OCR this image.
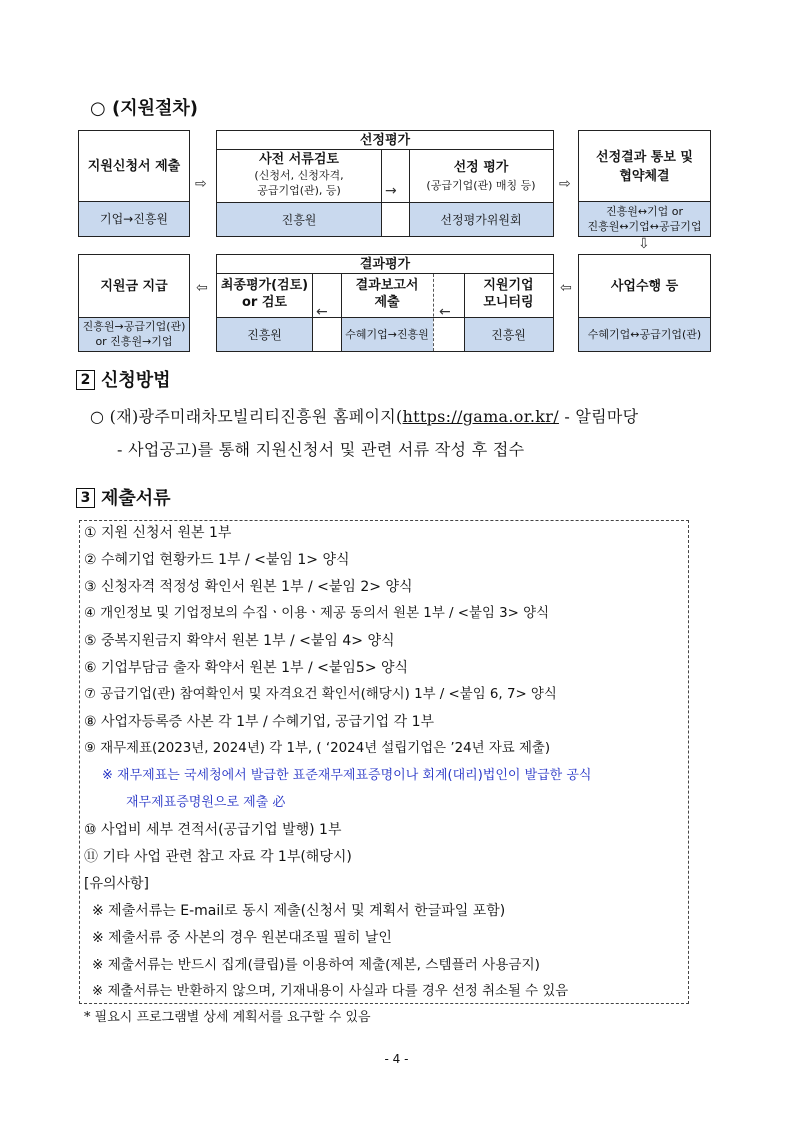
○ (지원절차)
지원신청서 제출
기업→진흥원
⇨
선정평가
사전 서류검토
(신청서, 신청자격,
공급기업(관), 등)	→
선정 평가
(공급기업(관) 매칭 등)
진흥원	선정평가위원회
⇨
선정결과 통보 및
협약체결
진흥원↔기업 or
진흥원↔기업↔공급기업
⇩
지원금 지급
진흥원→공급기업(관)
or 진흥원→기업
⇦
결과평가
최종평가(검토)
or 검토
←
결과보고서
제출
←
지원기업
모니터링
진흥원	수혜기업→진흥원	진흥원
⇦	사업수행 등
수혜기업↔공급기업(관)
2 신청방법
○ (재)광주미래차모빌리티진흥원 홈페이지(https://gama.or.kr/ - 알림마당
- 사업공고)를 통해 지원신청서 및 관련 서류 작성 후 접수
3 제출서류
① 지원 신청서 원본 1부
② 수혜기업 현황카드 1부 / <붙임 1> 양식
③ 신청자격 적정성 확인서 원본 1부 / <붙임 2> 양식
④ 개인정보 및 기업정보의 수집ㆍ이용ㆍ제공 동의서 원본 1부 / <붙임 3> 양식
⑤ 중복지원금지 확약서 원본 1부 / <붙임 4> 양식
⑥ 기업부담금 출자 확약서 원본 1부 / <붙임5> 양식
⑦ 공급기업(관) 참여확인서 및 자격요건 확인서(해당시) 1부 / <붙임 6, 7> 양식
⑧ 사업자등록증 사본 각 1부 / 수혜기업, 공급기업 각 1부
⑨ 재무제표(2023년, 2024년) 각 1부, ( ‘2024년 설립기업은 ’24년 자료 제출)
※ 재무제표는 국세청에서 발급한 표준재무제표증명이나 회계(대리)법인이 발급한 공식
재무제표증명원으로 제출 必
⑩ 사업비 세부 견적서(공급기업 발행) 1부
⑪ 기타 사업 관련 참고 자료 각 1부(해당시)
[유의사항]
※ 제출서류는 E-mail로 동시 제출(신청서 및 계획서 한글파일 포함)
※ 제출서류 중 사본의 경우 원본대조필 필히 날인
※ 제출서류는 반드시 집게(클립)를 이용하여 제출(제본, 스템플러 사용금지)
※ 제출서류는 반환하지 않으며, 기재내용이 사실과 다를 경우 선정 취소될 수 있음
* 필요시 프로그램별 상세 계획서를 요구할 수 있음
- 4 -
